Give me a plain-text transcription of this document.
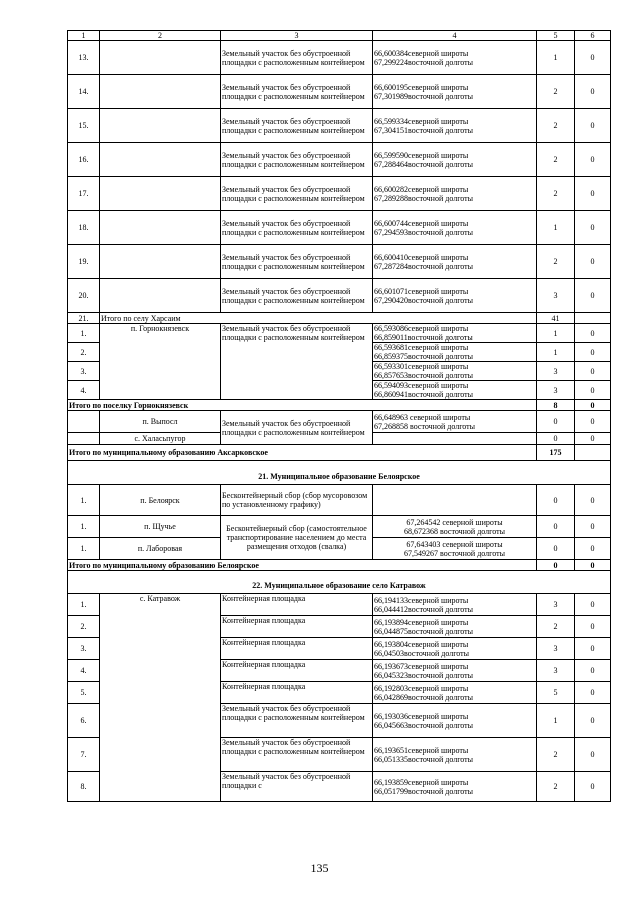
1	2	3	4	5	6
13.		Земельный участок без обустроенной площадки с расположенным контейнером	66,600384северной широты
67,299224восточной долготы	1	0
14.		Земельный участок без обустроенной площадки с расположенным контейнером	66,600195северной широты
67,301989восточной долготы	2	0
15.		Земельный участок без обустроенной площадки с расположенным контейнером	66,599334северной широты
67,304151восточной долготы	2	0
16.		Земельный участок без обустроенной площадки с расположенным контейнером	66,599590северной широты
67,288464восточной долготы	2	0
17.		Земельный участок без обустроенной площадки с расположенным контейнером	66,600282северной широты
67,289288восточной долготы	2	0
18.		Земельный участок без обустроенной площадки с расположенным контейнером	66,600744северной широты
67,294593восточной долготы	1	0
19.		Земельный участок без обустроенной площадки с расположенным контейнером	66,600410северной широты
67,287284восточной долготы	2	0
20.		Земельный участок без обустроенной площадки с расположенным контейнером	66,601071северной широты
67,290420восточной долготы	3	0
21.	Итого по селу Харсаим			41	
1.	п. Горнокнязевск	Земельный участок без обустроенной площадки с расположенным контейнером	66,593086северной широты
66,859011восточной долготы	1	0
2.			66,593681северной широты
66,859375восточной долготы	1	0
3.			66,593301северной широты
66,857653восточной долготы	3	0
4.			66,594093северной широты
66,860941восточной долготы	3	0
Итого по поселку Горнокнязевск				8	0
	п. Выпосл	Земельный участок без обустроенной площадки с расположенным контейнером	66,648963 северной широты
67,268858 восточной долготы	0	0
	с. Халасьпугор			0	0
Итого по муниципальному образованию Аксарковское				175	
21. Муниципальное образование Белоярское					
1.	п. Белоярск	Бесконтейнерный сбор (сбор мусоровозом по установленному графику)		0	0
1.	п. Щучье	Бесконтейнерный сбор (самостоятельное транспортирование населением до места размещения отходов (свалка)	67,264542 северной широты
68,672368 восточной долготы	0	0
1.	п. Лаборовая		67,643403 северной широты
67,549267 восточной долготы	0	0
Итого по муниципальному образованию Белоярское				0	0
22. Муниципальное образование село Катравож					
1.	с. Катравож	Контейнерная площадка	66,194133северной широты
66,044412восточной долготы	3	0
2.		Контейнерная площадка	66,193894северной широты
66,044875восточной долготы	2	0
3.		Контейнерная площадка	66,193804северной широты
66,04503восточной долготы	3	0
4.		Контейнерная площадка	66,193673северной широты
66,045323восточной долготы	3	0
5.		Контейнерная площадка	66,192803северной широты
66,042869восточной долготы	5	0
6.		Земельный участок без обустроенной площадки с расположенным контейнером	66,193036северной широты
66,045663восточной долготы	1	0
7.		Земельный участок без обустроенной площадки с расположенным контейнером	66,193651северной широты
66,051335восточной долготы	2	0
8.		Земельный участок без обустроенной площадки с	66,193859северной широты
66,051799восточной долготы	2	0
135
